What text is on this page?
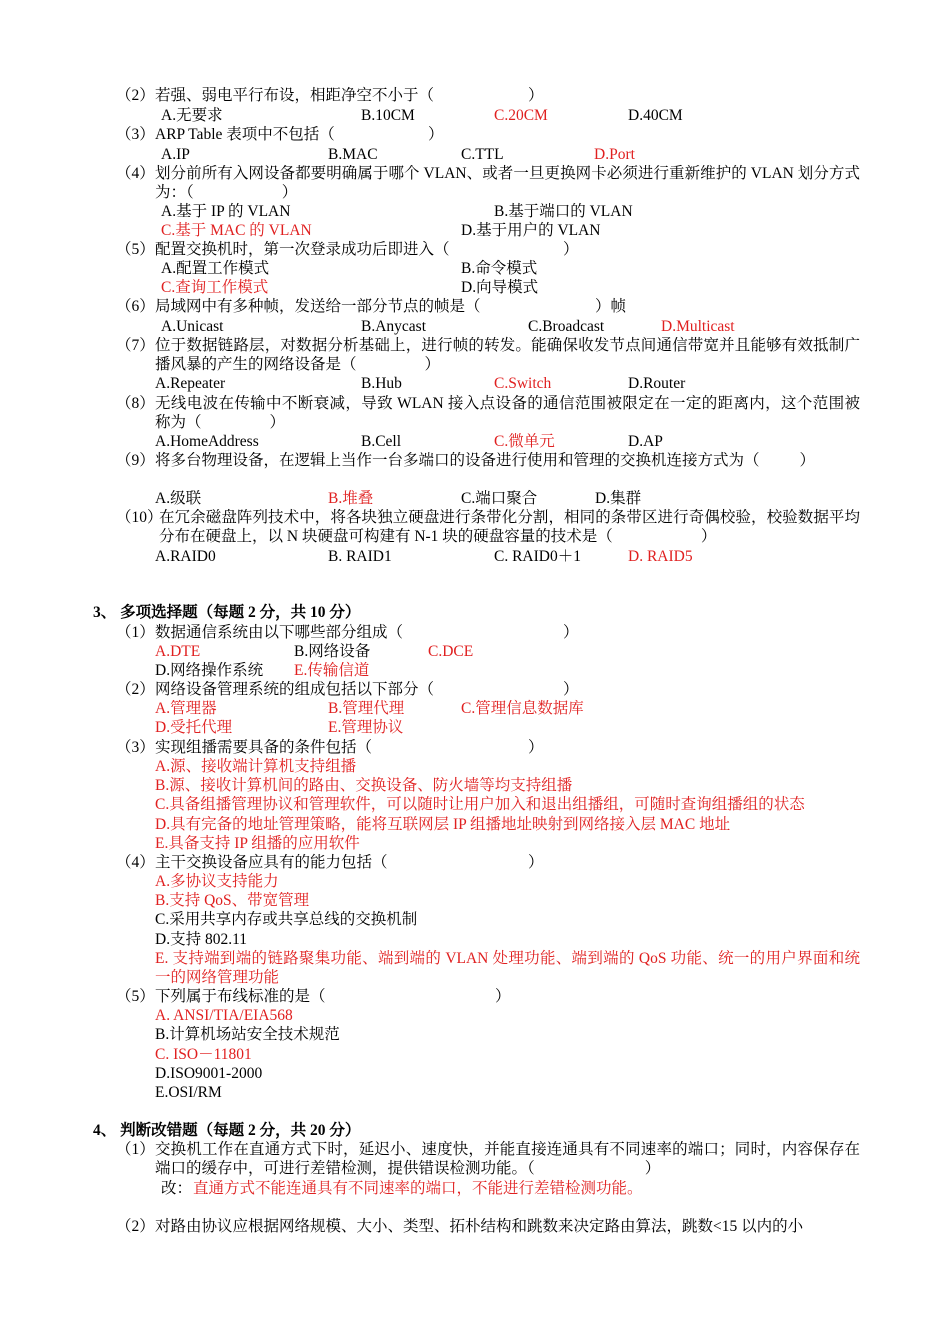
（2） 若强、弱电平行布设，相距净空不小于（	）
A.无要求	B.10CM	C.20CM	D.40CM
（3） ARP Table 表项中不包括（	）
A.IP	B.MAC	C.TTL	D.Port
（4） 划分前所有入网设备都要明确属于哪个 VLAN、或者一旦更换网卡必须进行重新维护的 VLAN 划分方式为：（	）
A.基于 IP 的 VLAN	B.基于端口的 VLAN
C.基于 MAC 的 VLAN	D.基于用户的 VLAN
（5） 配置交换机时，第一次登录成功后即进入（	）
A.配置工作模式	B.命令模式
C.查询工作模式	D.向导模式
（6） 局域网中有多种帧，发送给一部分节点的帧是（	）帧
A.Unicast	B.Anycast	C.Broadcast	D.Multicast
（7） 位于数据链路层，对数据分析基础上，进行帧的转发。能确保收发节点间通信带宽并且能够有效抵制广播风暴的产生的网络设备是（	）
A.Repeater	B.Hub	C.Switch	D.Router
（8） 无线电波在传输中不断衰减，导致 WLAN 接入点设备的通信范围被限定在一定的距离内，这个范围被称为（	）
A.HomeAddress	B.Cell	C.微单元	D.AP
（9） 将多台物理设备，在逻辑上当作一台多端口的设备进行使用和管理的交换机连接方式为（	）
A.级联	B.堆叠	C.端口聚合	D.集群
（10）
在冗余磁盘阵列技术中，将各块独立硬盘进行条带化分割，相同的条带区进行奇偶校验，校验数据平均分布在硬盘上，以 N 块硬盘可构建有 N-1 块的硬盘容量的技术是（	）
A.RAID0	B. RAID1	C. RAID0＋1	D. RAID5
3、 多项选择题（每题 2 分，共 10 分）
（1） 数据通信系统由以下哪些部分组成（	）
A.DTE	B.网络设备	C.DCE
D.网络操作系统 E.传输信道
（2） 网络设备管理系统的组成包括以下部分（	）
A.管理器	B.管理代理	C.管理信息数据库
D.受托代理	E.管理协议
（3） 实现组播需要具备的条件包括（	）
A.源、接收端计算机支持组播
B.源、接收计算机间的路由、交换设备、防火墙等均支持组播
C.具备组播管理协议和管理软件，可以随时让用户加入和退出组播组，可随时查询组播组的状态
D.具有完备的地址管理策略，能将互联网层 IP 组播地址映射到网络接入层 MAC 地址
E.具备支持 IP 组播的应用软件
（4） 主干交换设备应具有的能力包括（	）
A.多协议支持能力
B.支持 QoS、带宽管理
C.采用共享内存或共享总线的交换机制
D.支持 802.11
E. 支持端到端的链路聚集功能、端到端的 VLAN 处理功能、端到端的 QoS 功能、统一的用户界面和统一的网络管理功能
（5） 下列属于布线标准的是（	）
A. ANSI/TIA/EIA568
B.计算机场站安全技术规范
C. ISO－11801
D.ISO9001-2000
E.OSI/RM
4、 判断改错题（每题 2 分，共 20 分）
（1） 交换机工作在直通方式下时，延迟小、速度快，并能直接连通具有不同速率的端口；同时，内容保存在端口的缓存中，可进行差错检测，提供错误检测功能。（	）
改： 直通方式不能连通具有不同速率的端口，不能进行差错检测功能。
（2） 对路由协议应根据网络规模、大小、类型、拓朴结构和跳数来决定路由算法，跳数<15 以内的小
